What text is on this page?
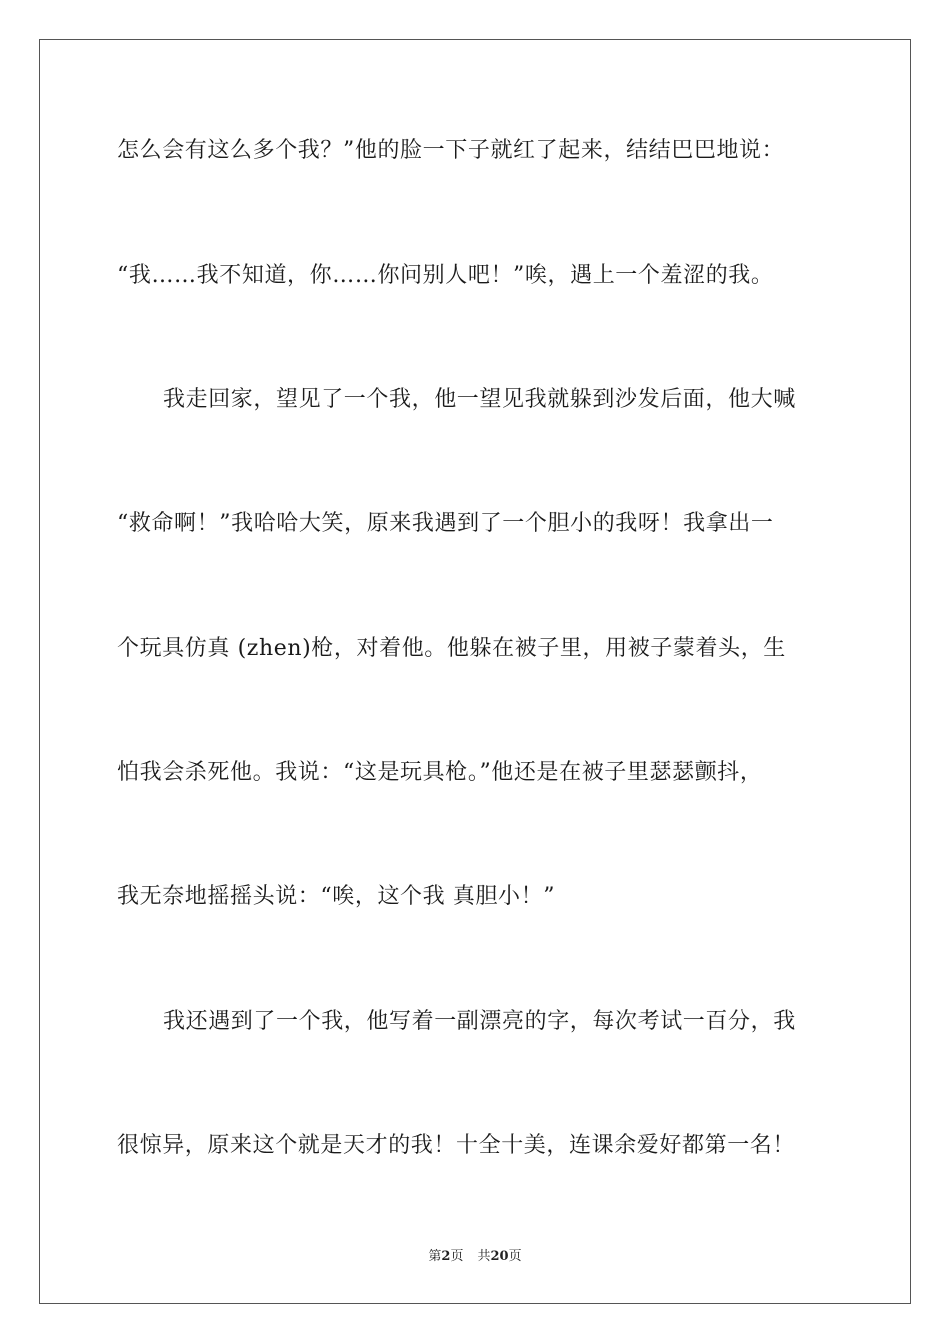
怎么会有这么多个我？”他的脸一下子就红了起来，结结巴巴地说：
“我……我不知道，你……你问别人吧！”唉，遇上一个羞涩的我。
我走回家，望见了一个我，他一望见我就躲到沙发后面，他大喊
“救命啊！”我哈哈大笑，原来我遇到了一个胆小的我呀！我拿出一
个玩具仿真 (zhen)枪，对着他。他躲在被子里，用被子蒙着头，生
怕我会杀死他。我说：“这是玩具枪。”他还是在被子里瑟瑟颤抖，
我无奈地摇摇头说：“唉，这个我 真胆小！”
我还遇到了一个我，他写着一副漂亮的字，每次考试一百分，我
很惊异，原来这个就是天才的我！十全十美，连课余爱好都第一名！
第2页 共20页
